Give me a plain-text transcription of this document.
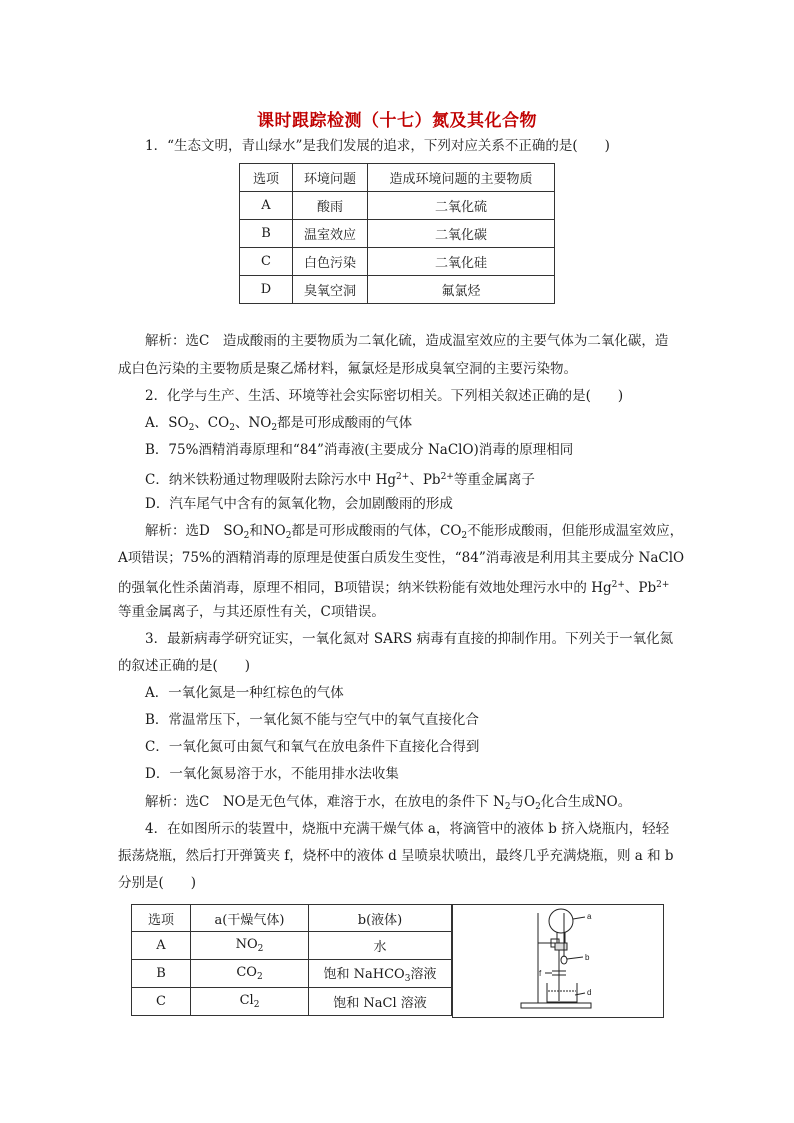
课时跟踪检测（十七）氮及其化合物
1．“生态文明，青山绿水”是我们发展的追求，下列对应关系不正确的是(　　)
选项	环境问题	造成环境问题的主要物质
A	酸雨	二氧化硫
B	温室效应	二氧化碳
C	白色污染	二氧化硅
D	臭氧空洞	氟氯烃
解析：选C　造成酸雨的主要物质为二氧化硫，造成温室效应的主要气体为二氧化碳，造
成白色污染的主要物质是聚乙烯材料，氟氯烃是形成臭氧空洞的主要污染物。
2．化学与生产、生活、环境等社会实际密切相关。下列相关叙述正确的是(　　)
A．$SO_2$、$CO_2$、$NO_2$都是可形成酸雨的气体
B．75%酒精消毒原理和“84”消毒液(主要成分 NaClO)消毒的原理相同
C．纳米铁粉通过物理吸附去除污水中 $Hg^{2+}$、$Pb^{2+}$等重金属离子
D．汽车尾气中含有的氮氧化物，会加剧酸雨的形成
解析：选D　$SO_2$和$NO_2$都是可形成酸雨的气体，$CO_2$不能形成酸雨，但能形成温室效应，
A项错误；75%的酒精消毒的原理是使蛋白质发生变性，“84”消毒液是利用其主要成分 NaClO
的强氧化性杀菌消毒，原理不相同，B项错误；纳米铁粉能有效地处理污水中的 $Hg^{2+}$、$Pb^{2+}$
等重金属离子，与其还原性有关，C项错误。
3．最新病毒学研究证实，一氧化氮对 SARS 病毒有直接的抑制作用。下列关于一氧化氮
的叙述正确的是(　　)
A．一氧化氮是一种红棕色的气体
B．常温常压下，一氧化氮不能与空气中的氧气直接化合
C．一氧化氮可由氮气和氧气在放电条件下直接化合得到
D．一氧化氮易溶于水，不能用排水法收集
解析：选C　NO是无色气体，难溶于水，在放电的条件下 $N_2$与$O_2$化合生成NO。
4．在如图所示的装置中，烧瓶中充满干燥气体 a，将滴管中的液体 b 挤入烧瓶内，轻轻
振荡烧瓶，然后打开弹簧夹 f，烧杯中的液体 d 呈喷泉状喷出，最终几乎充满烧瓶，则 a 和 b
分别是(　　)
选项	a(干燥气体)	b(液体)
A	$NO_2$	水
B	$CO_2$	饱和 NaHCO$_3$溶液
C	$Cl_2$	饱和 NaCl 溶液
a
b
f
d
